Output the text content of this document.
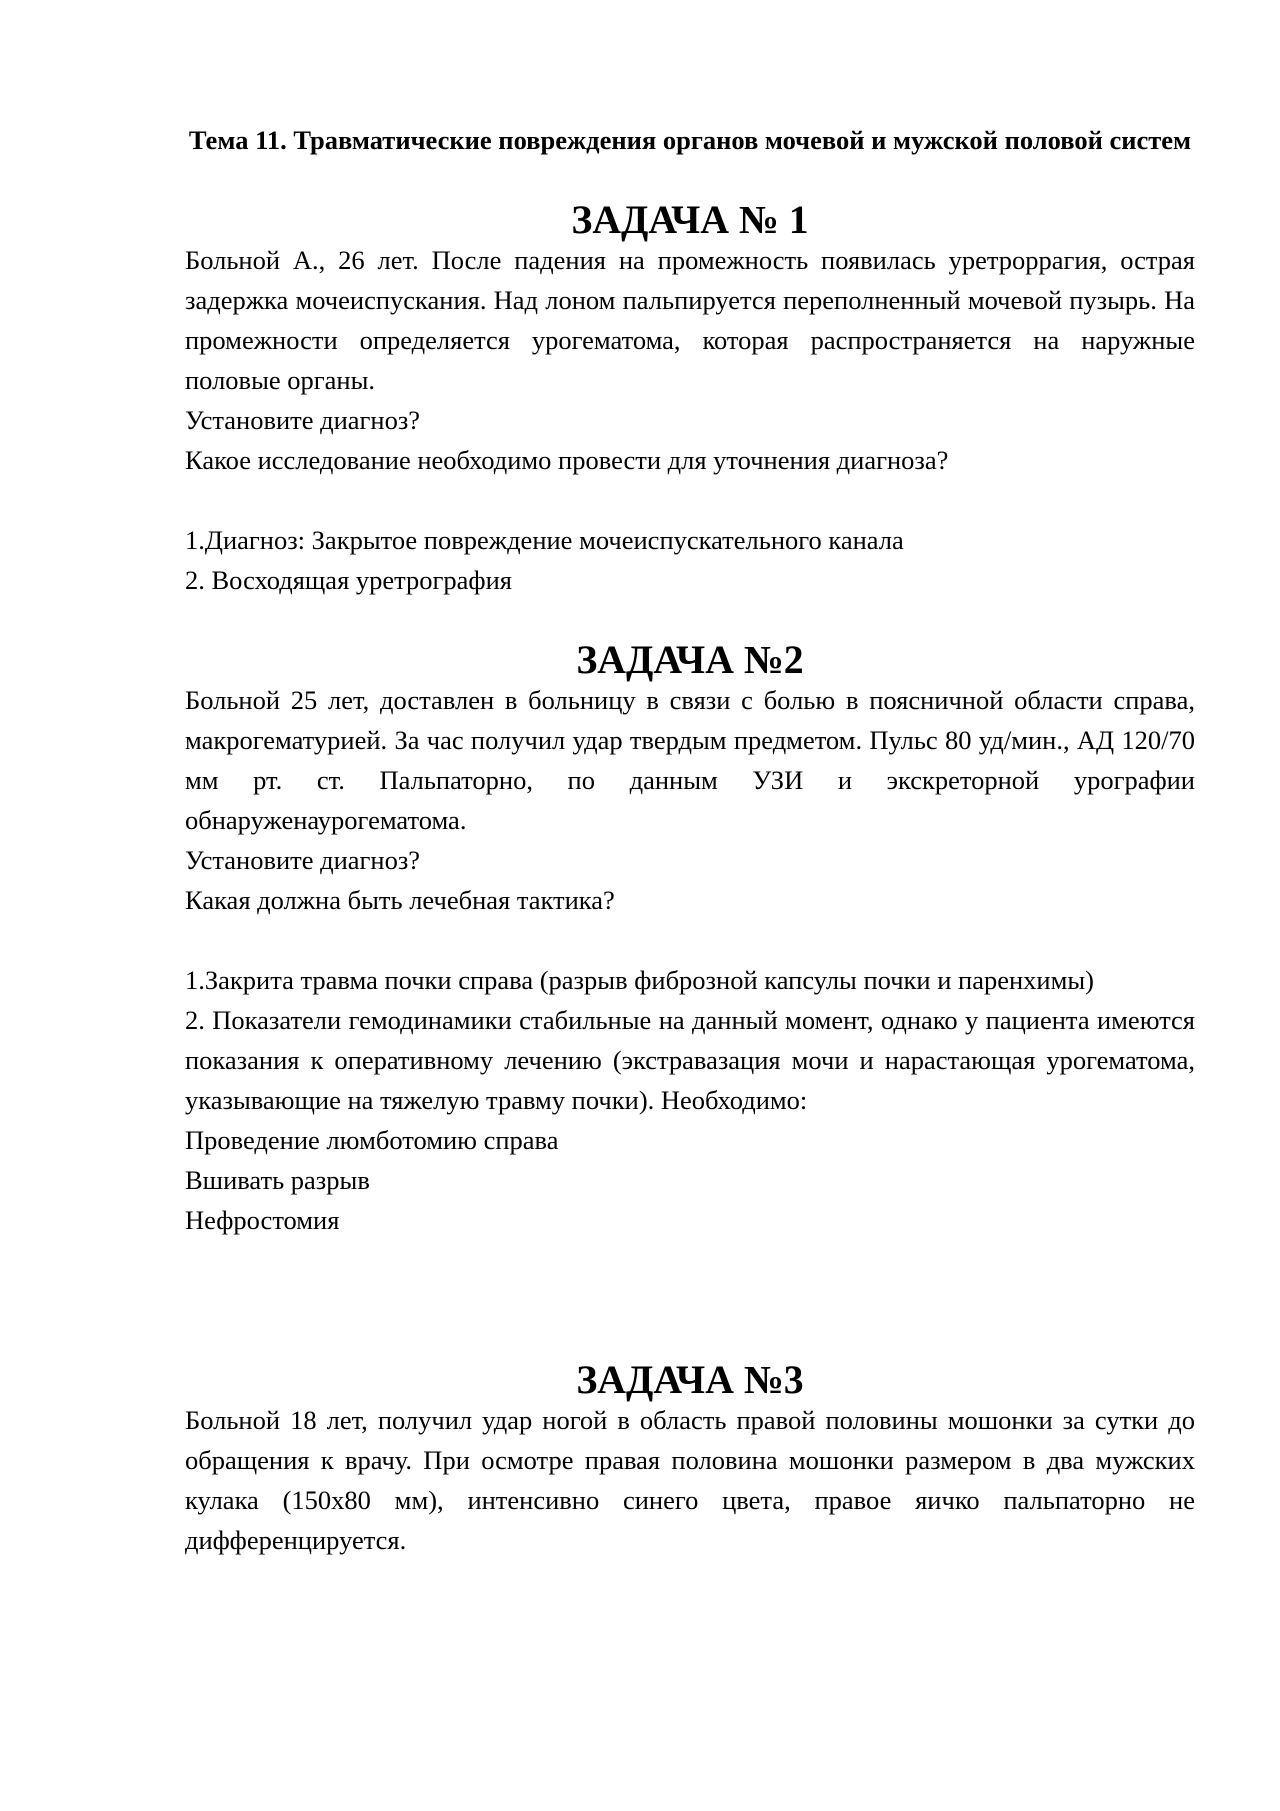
Тема 11. Травматические повреждения органов мочевой и мужской половой систем
ЗАДАЧА № 1

Больной А., 26 лет. После падения на промежность появилась уретроррагия, острая задержка мочеиспускания. Над лоном пальпируется переполненный мочевой пузырь. На промежности определяется урогематома, которая распространяется на наружные половые органы.

Установите диагноз?

Какое исследование необходимо провести для уточнения диагноза?

1.Диагноз: Закрытое повреждение мочеиспускательного канала

2. Восходящая уретрография

ЗАДАЧА №2

Больной 25 лет, доставлен в больницу в связи с болью в поясничной области справа, макрогематурией. За час получил удар твердым предметом. Пульс 80 уд/мин., АД 120/70 мм рт. ст. Пальпаторно, по данным УЗИ и экскреторной урографии обнаруженаурогематома.

Установите диагноз?

Какая должна быть лечебная тактика?

1.Закрита травма почки справа (разрыв фиброзной капсулы почки и паренхимы)

2. Показатели гемодинамики стабильные на данный момент, однако у пациента имеются показания к оперативному лечению (экстравазация мочи и нарастающая урогематома, указывающие на тяжелую травму почки). Необходимо:

Проведение люмботомию справа

Вшивать разрыв

Нефростомия

ЗАДАЧА №3

Больной 18 лет, получил удар ногой в область правой половины мошонки за сутки до обращения к врачу. При осмотре правая половина мошонки размером в два мужских кулака (150х80 мм), интенсивно синего цвета, правое яичко пальпаторно не дифференцируется.
